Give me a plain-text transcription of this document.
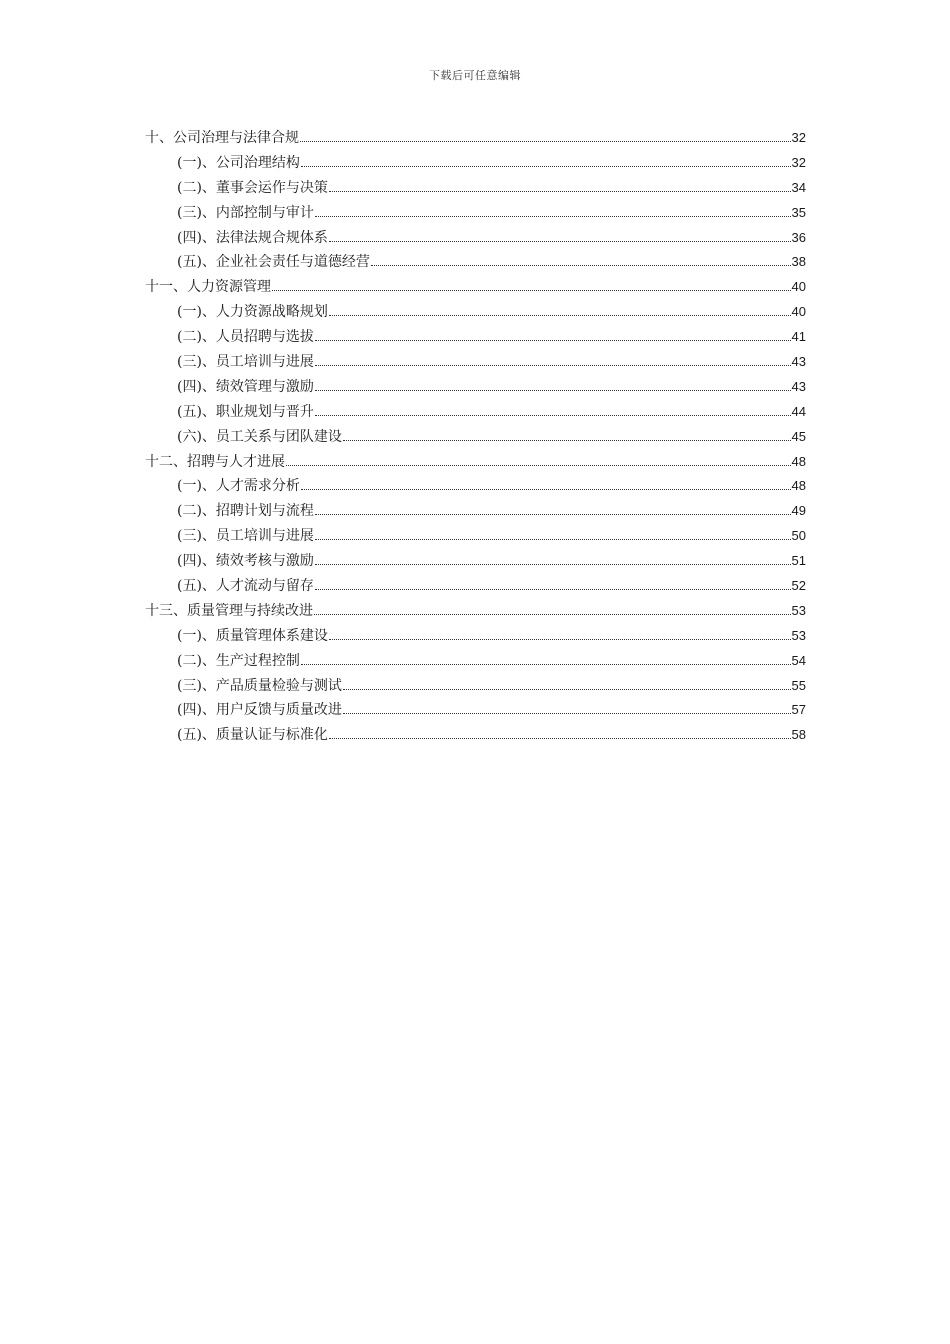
下载后可任意编辑
十、公司治理与法律合规	32
(一)、公司治理结构	32
(二)、董事会运作与决策	34
(三)、内部控制与审计	35
(四)、法律法规合规体系	36
(五)、企业社会责任与道德经营	38
十一、人力资源管理	40
(一)、人力资源战略规划	40
(二)、人员招聘与选拔	41
(三)、员工培训与进展	43
(四)、绩效管理与激励	43
(五)、职业规划与晋升	44
(六)、员工关系与团队建设	45
十二、招聘与人才进展	48
(一)、人才需求分析	48
(二)、招聘计划与流程	49
(三)、员工培训与进展	50
(四)、绩效考核与激励	51
(五)、人才流动与留存	52
十三、质量管理与持续改进	53
(一)、质量管理体系建设	53
(二)、生产过程控制	54
(三)、产品质量检验与测试	55
(四)、用户反馈与质量改进	57
(五)、质量认证与标准化	58
